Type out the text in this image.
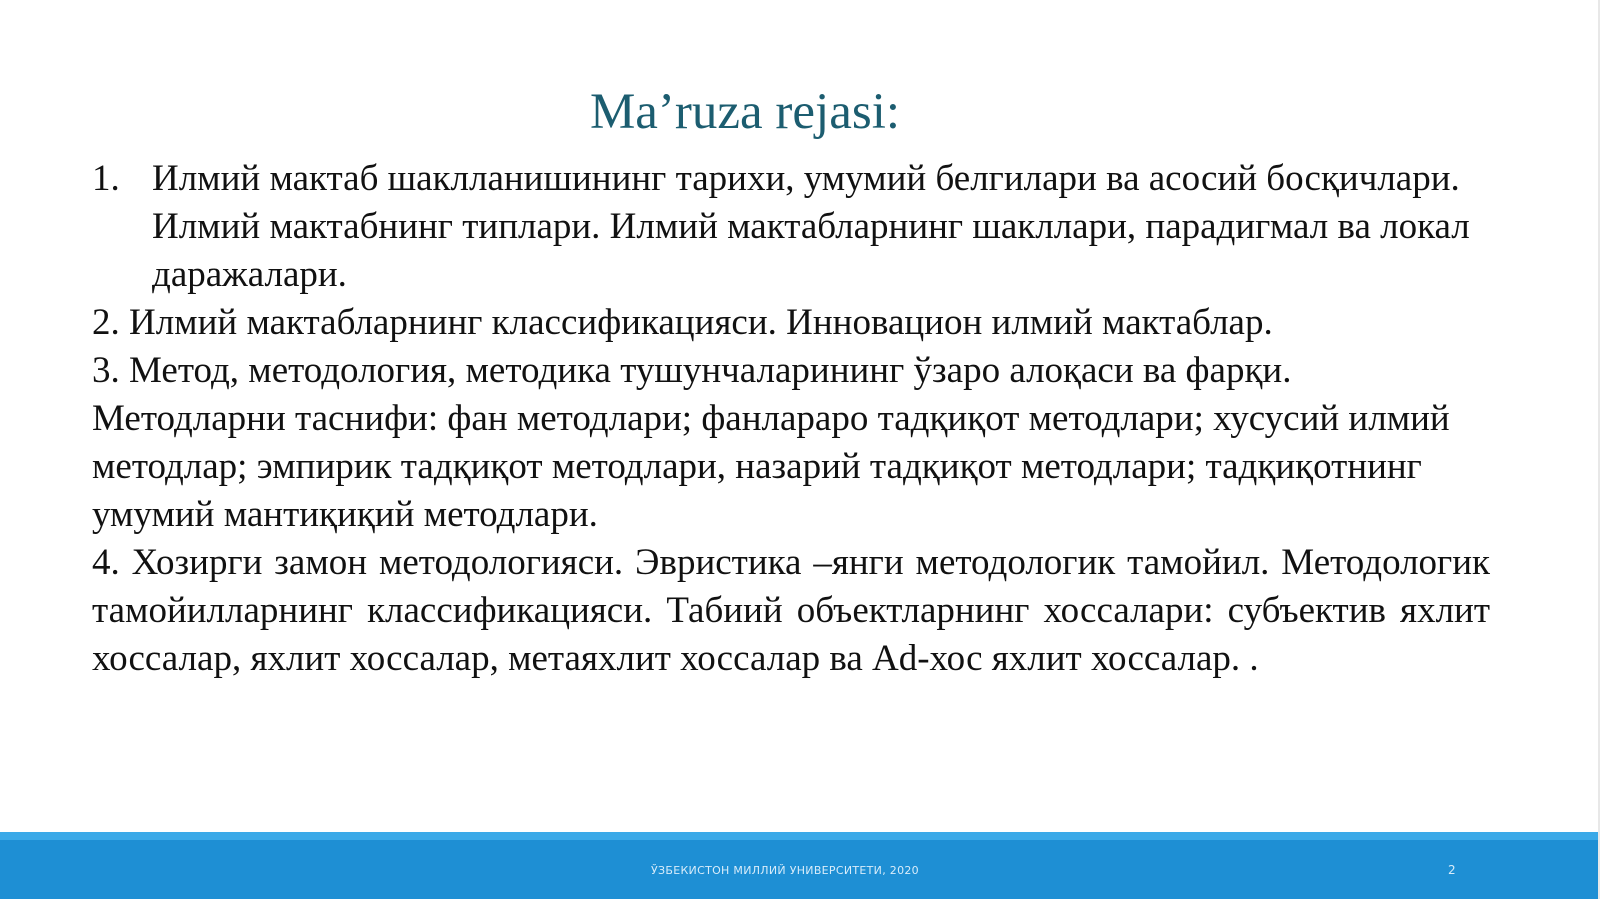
Ma’ruza rejasi:
1. Илмий мактаб шаклланишининг тарихи, умумий белгилари ва асосий босқичлари. Илмий мактабнинг типлари. Илмий мактабларнинг шакллари, парадигмал ва локал даражалари.

2. Илмий мактабларнинг классификацияси. Инновацион илмий мактаблар.

3. Метод, методология, методика тушунчаларининг ўзаро алоқаси ва фарқи. Методларни таснифи: фан методлари; фанлараро тадқиқот методлари; хусусий илмий методлар; эмпирик тадқиқот методлари, назарий тадқиқот методлари; тадқиқотнинг умумий мантиқиқий методлари.

4. Хозирги замон методологияси. Эвристика –янги методологик тамойил. Методологик тамойилларнинг классификацияси. Табиий объектларнинг хоссалари: субъектив яхлит хоссалар, яхлит хоссалар, метаяхлит хоссалар ва Ad-хос яхлит хоссалар. .

ЎЗБЕКИСТОН МИЛЛИЙ УНИВЕРСИТЕТИ, 2020	2
